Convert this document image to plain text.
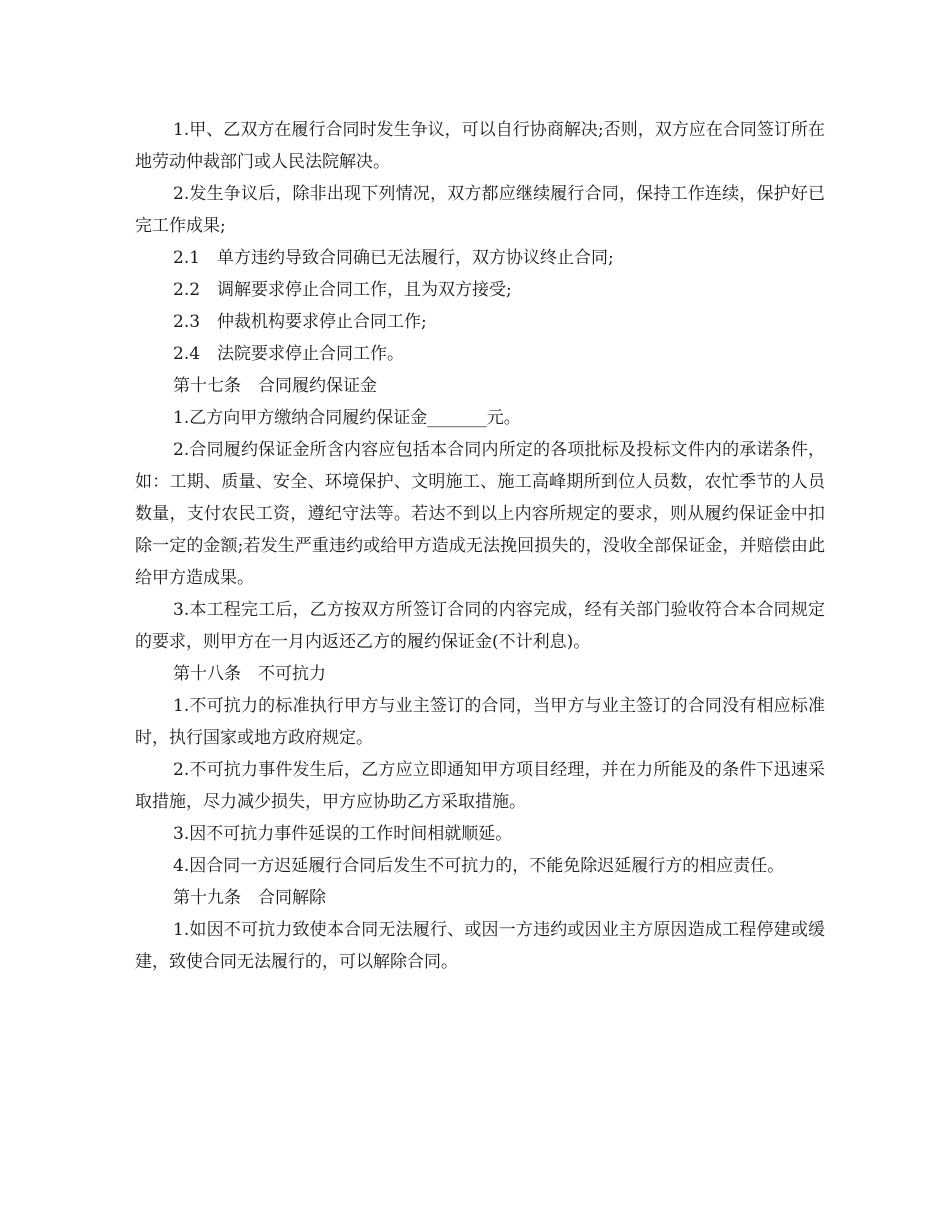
1.甲、乙双方在履行合同时发生争议，可以自行协商解决;否则，双方应在合同签订所在地劳动仲裁部门或人民法院解决。

2.发生争议后，除非出现下列情况，双方都应继续履行合同，保持工作连续，保护好已完工作成果;

2.1　单方违约导致合同确已无法履行，双方协议终止合同;

2.2　调解要求停止合同工作，且为双方接受;

2.3　仲裁机构要求停止合同工作;

2.4　法院要求停止合同工作。

第十七条　合同履约保证金

1.乙方向甲方缴纳合同履约保证金_______元。

2.合同履约保证金所含内容应包括本合同内所定的各项批标及投标文件内的承诺条件，如：工期、质量、安全、环境保护、文明施工、施工高峰期所到位人员数，农忙季节的人员数量，支付农民工资，遵纪守法等。若达不到以上内容所规定的要求，则从履约保证金中扣除一定的金额;若发生严重违约或给甲方造成无法挽回损失的，没收全部保证金，并赔偿由此给甲方造成果。

3.本工程完工后，乙方按双方所签订合同的内容完成，经有关部门验收符合本合同规定的要求，则甲方在一月内返还乙方的履约保证金(不计利息)。

第十八条　不可抗力

1.不可抗力的标准执行甲方与业主签订的合同，当甲方与业主签订的合同没有相应标准时，执行国家或地方政府规定。

2.不可抗力事件发生后，乙方应立即通知甲方项目经理，并在力所能及的条件下迅速采取措施，尽力减少损失，甲方应协助乙方采取措施。

3.因不可抗力事件延误的工作时间相就顺延。

4.因合同一方迟延履行合同后发生不可抗力的，不能免除迟延履行方的相应责任。

第十九条　合同解除

1.如因不可抗力致使本合同无法履行、或因一方违约或因业主方原因造成工程停建或缓建，致使合同无法履行的，可以解除合同。
